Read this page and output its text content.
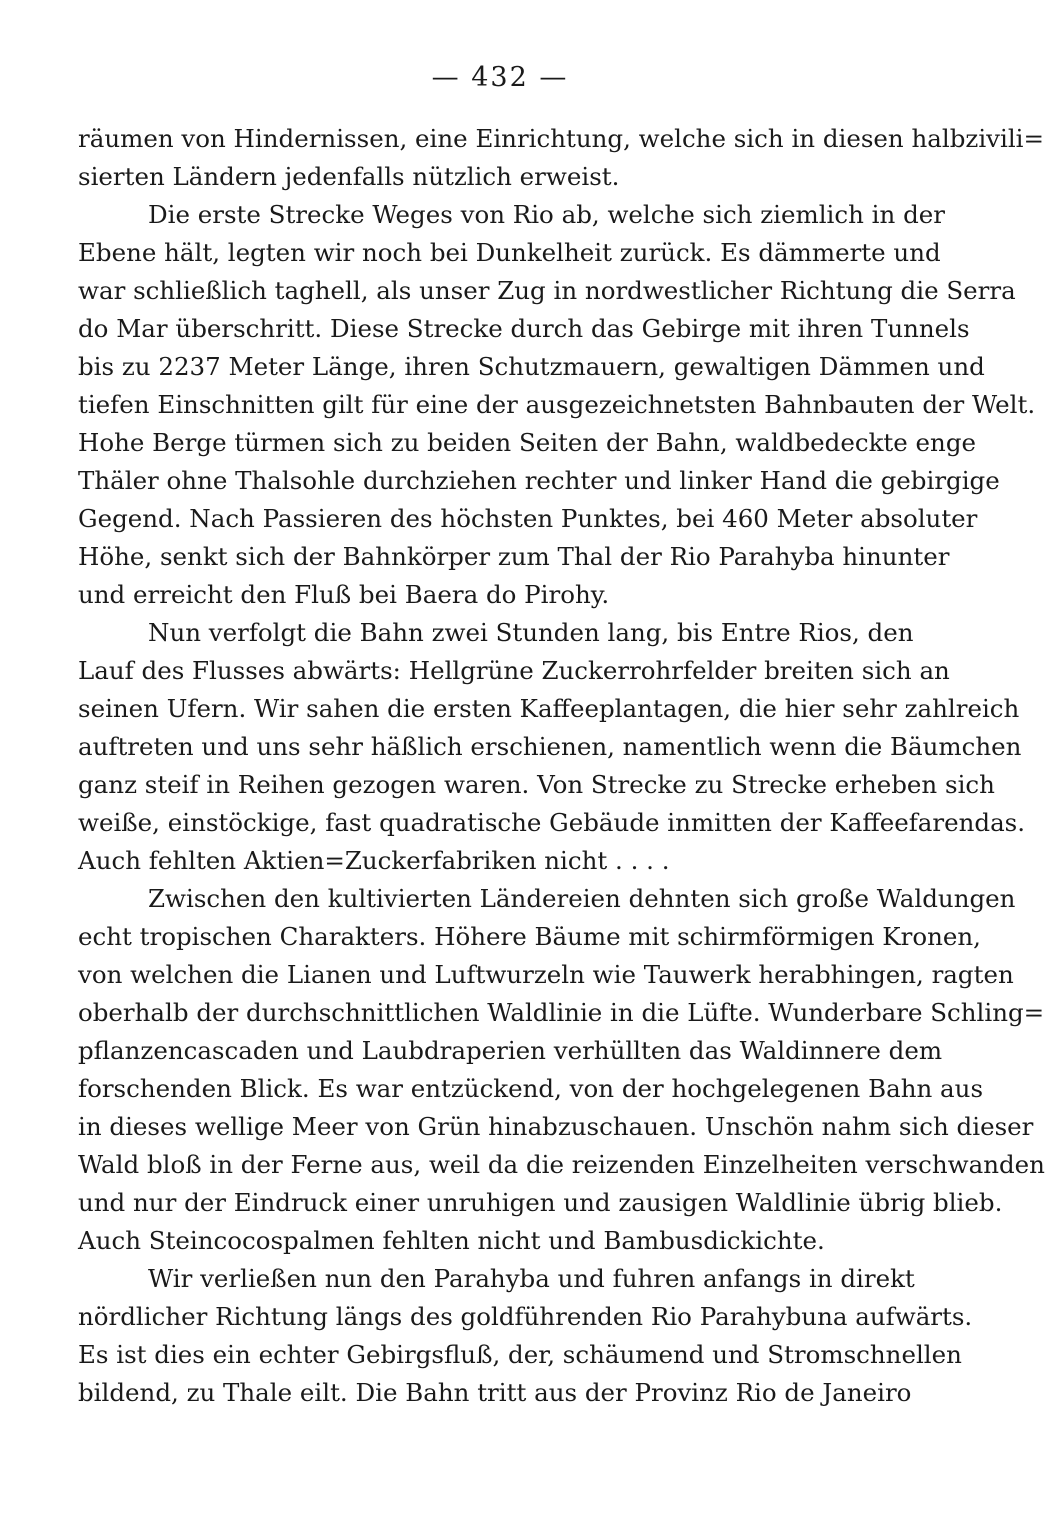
— 432 —
räumen von Hindernissen, eine Einrichtung, welche sich in diesen halbzivili=
sierten Ländern jedenfalls nützlich erweist.
Die erste Strecke Weges von Rio ab, welche sich ziemlich in der
Ebene hält, legten wir noch bei Dunkelheit zurück. Es dämmerte und
war schließlich taghell, als unser Zug in nordwestlicher Richtung die Serra
do Mar überschritt. Diese Strecke durch das Gebirge mit ihren Tunnels
bis zu 2237 Meter Länge, ihren Schutzmauern, gewaltigen Dämmen und
tiefen Einschnitten gilt für eine der ausgezeichnetsten Bahnbauten der Welt.
Hohe Berge türmen sich zu beiden Seiten der Bahn, waldbedeckte enge
Thäler ohne Thalsohle durchziehen rechter und linker Hand die gebirgige
Gegend. Nach Passieren des höchsten Punktes, bei 460 Meter absoluter
Höhe, senkt sich der Bahnkörper zum Thal der Rio Parahyba hinunter
und erreicht den Fluß bei Baera do Pirohy.
Nun verfolgt die Bahn zwei Stunden lang, bis Entre Rios, den
Lauf des Flusses abwärts: Hellgrüne Zuckerrohrfelder breiten sich an
seinen Ufern. Wir sahen die ersten Kaffeeplantagen, die hier sehr zahlreich
auftreten und uns sehr häßlich erschienen, namentlich wenn die Bäumchen
ganz steif in Reihen gezogen waren. Von Strecke zu Strecke erheben sich
weiße, einstöckige, fast quadratische Gebäude inmitten der Kaffeefarendas.
Auch fehlten Aktien=Zuckerfabriken nicht . . . .
Zwischen den kultivierten Ländereien dehnten sich große Waldungen
echt tropischen Charakters. Höhere Bäume mit schirmförmigen Kronen,
von welchen die Lianen und Luftwurzeln wie Tauwerk herabhingen, ragten
oberhalb der durchschnittlichen Waldlinie in die Lüfte. Wunderbare Schling=
pflanzencascaden und Laubdraperien verhüllten das Waldinnere dem
forschenden Blick. Es war entzückend, von der hochgelegenen Bahn aus
in dieses wellige Meer von Grün hinabzuschauen. Unschön nahm sich dieser
Wald bloß in der Ferne aus, weil da die reizenden Einzelheiten verschwanden
und nur der Eindruck einer unruhigen und zausigen Waldlinie übrig blieb.
Auch Steincocospalmen fehlten nicht und Bambusdickichte.
Wir verließen nun den Parahyba und fuhren anfangs in direkt
nördlicher Richtung längs des goldführenden Rio Parahybuna aufwärts.
Es ist dies ein echter Gebirgsfluß, der, schäumend und Stromschnellen
bildend, zu Thale eilt. Die Bahn tritt aus der Provinz Rio de Janeiro
